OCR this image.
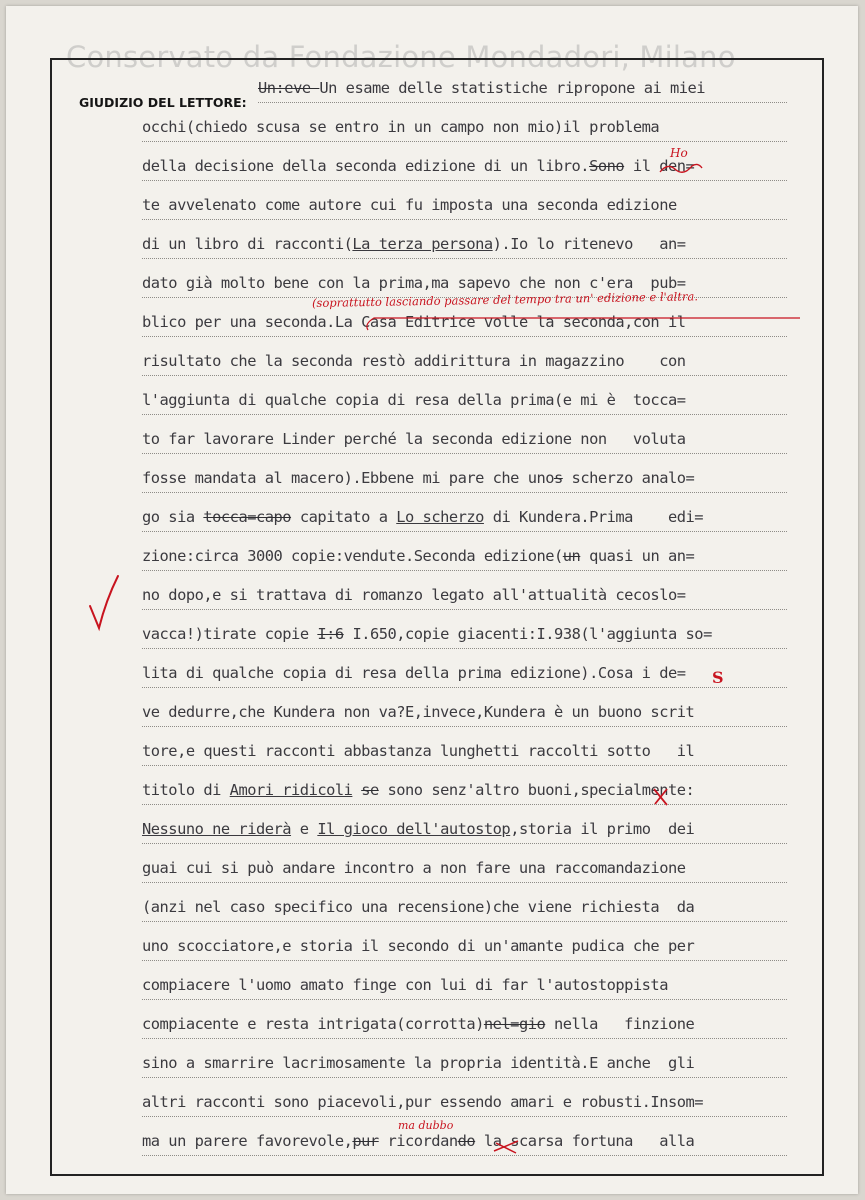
Conservato da Fondazione Mondadori, Milano
GIUDIZIO DEL LETTORE:
Un:eve Un esame delle statistiche ripropone ai miei
occhi(chiedo scusa se entro in un campo non mio)il problema
della decisione della seconda edizione di un libro.Sono il den=
te avvelenato come autore cui fu imposta una seconda edizione
di un libro di racconti(La terza persona).Io lo ritenevo   an=
dato già molto bene con la prima,ma sapevo che non c'era  pub=
blico per una seconda.La Casa Editrice volle la seconda,con il
risultato che la seconda restò addirittura in magazzino    con
l'aggiunta di qualche copia di resa della prima(e mi è  tocca=
to far lavorare Linder perché la seconda edizione non   voluta
fosse mandata al macero).Ebbene mi pare che unos scherzo analo=
go sia tocca=capo capitato a Lo scherzo di Kundera.Prima    edi=
zione:circa 3000 copie:vendute.Seconda edizione(un quasi un an=
no dopo,e si trattava di romanzo legato all'attualità cecoslo=
vacca!)tirate copie I:6 I.650,copie giacenti:I.938(l'aggiunta so=
lita di qualche copia di resa della prima edizione).Cosa i de=
ve dedurre,che Kundera non va?E,invece,Kundera è un buono scrit
tore,e questi racconti abbastanza lunghetti raccolti sotto   il
titolo di Amori ridicoli se sono senz'altro buoni,specialmente:
Nessuno ne riderà e Il gioco dell'autostop,storia il primo  dei
guai cui si può andare incontro a non fare una raccomandazione
(anzi nel caso specifico una recensione)che viene richiesta  da
uno scocciatore,e storia il secondo di un'amante pudica che per
compiacere l'uomo amato finge con lui di far l'autostoppista
compiacente e resta intrigata(corrotta)nel=gio nella   finzione
sino a smarrire lacrimosamente la propria identità.E anche  gli
altri racconti sono piacevoli,pur essendo amari e robusti.Insom=
ma un parere favorevole,pur ricordando la scarsa fortuna   alla
Ho
(soprattutto lasciando passare del tempo tra un' edizione e l'altra.
S
ma dubbo
